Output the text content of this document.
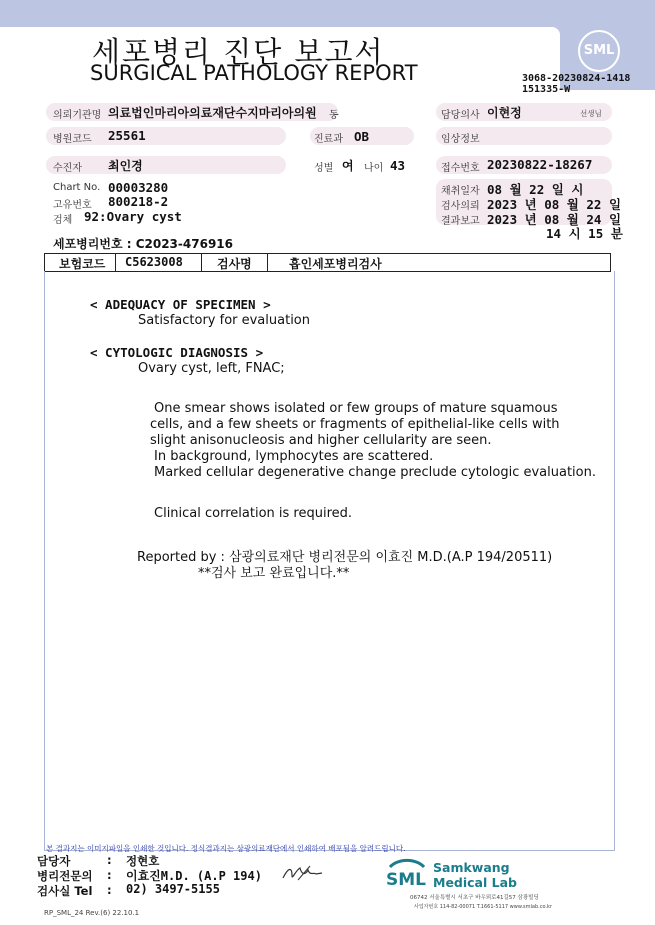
세포병리 진단 보고서
SURGICAL PATHOLOGY REPORT
SML
3068-20230824-1418
151335-W
의뢰기관명 의료법인마리아의료재단수지마리아의원 동
병원코드 25561	진료과 OB
수진자 최인경	성별 여 나이 43
Chart No. 00003280
고유번호 800218-2
검체 92:Ovary cyst
담당의사 이현정	선생님
임상정보
접수번호 20230822-18267
채취일자 08 월 22 일 시
검사의뢰 2023 년 08 월 22 일
결과보고 2023 년 08 월 24 일
14 시 15 분
세포병리번호 : C2023-476916
보험코드 C5623008	검사명	흡인세포병리검사
< ADEQUACY OF SPECIMEN >
Satisfactory for evaluation
< CYTOLOGIC DIAGNOSIS >
Ovary cyst, left, FNAC;
One smear shows isolated or few groups of mature squamous
cells, and a few sheets or fragments of epithelial-like cells with
slight anisonucleosis and higher cellularity are seen.
In background, lymphocytes are scattered.
Marked cellular degenerative change preclude cytologic evaluation.
Clinical correlation is required.
Reported by : 삼광의료재단 병리전문의 이효진 M.D.(A.P 194/20511)
**검사 보고 완료입니다.**
본 결과지는 이미지파일을 인쇄한 것입니다. 정식결과지는 삼광의료재단에서 인쇄하여 배포됨을 알려드립니다.
담당자	: 정현호
병리전문의 : 이효진M.D. (A.P 194)
검사실 Tel : 02) 3497-5155
RP_SML_24 Rev.(6) 22.10.1
SML
Samkwang
Medical Lab
06742 서울특별시 서초구 바우뫼로41길57 삼광빌딩
사업자번호 114-82-00071 T.1661-5117 www.smlab.co.kr
